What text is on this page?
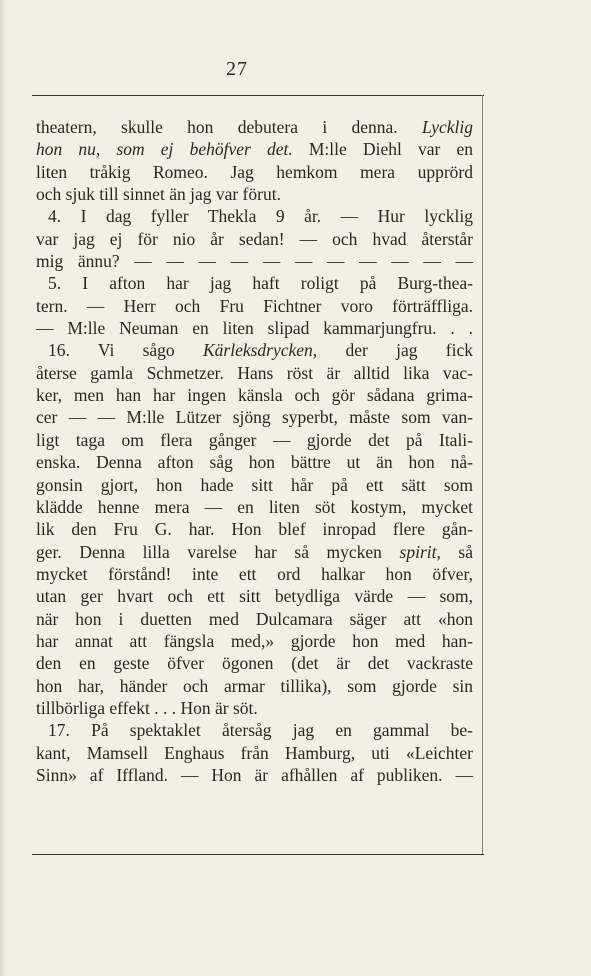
27
theatern, skulle hon debutera i denna. Lycklig
hon nu, som ej behöfver det. M:lle Diehl var en
liten tråkig Romeo. Jag hemkom mera upprörd
och sjuk till sinnet än jag var förut.
4. I dag fyller Thekla 9 år. — Hur lycklig
var jag ej för nio år sedan! — och hvad återstår
mig ännu? — — — — — — — — — — —
5. I afton har jag haft roligt på Burg-thea-
tern. — Herr och Fru Fichtner voro förträffliga.
— M:lle Neuman en liten slipad kammarjungfru. . .
16. Vi sågo Kärleksdrycken, der jag fick
återse gamla Schmetzer. Hans röst är alltid lika vac-
ker, men han har ingen känsla och gör sådana grima-
cer — — M:lle Lützer sjöng syperbt, måste som van-
ligt taga om flera gånger — gjorde det på Itali-
enska. Denna afton såg hon bättre ut än hon nå-
gonsin gjort, hon hade sitt hår på ett sätt som
klädde henne mera — en liten söt kostym, mycket
lik den Fru G. har. Hon blef inropad flere gån-
ger. Denna lilla varelse har så mycken spirit, så
mycket förstånd! inte ett ord halkar hon öfver,
utan ger hvart och ett sitt betydliga värde — som,
när hon i duetten med Dulcamara säger att «hon
har annat att fängsla med,» gjorde hon med han-
den en geste öfver ögonen (det är det vackraste
hon har, händer och armar tillika), som gjorde sin
tillbörliga effekt . . . Hon är söt.
17. På spektaklet återsåg jag en gammal be-
kant, Mamsell Enghaus från Hamburg, uti «Leichter
Sinn» af Iffland. — Hon är afhållen af publiken. —
